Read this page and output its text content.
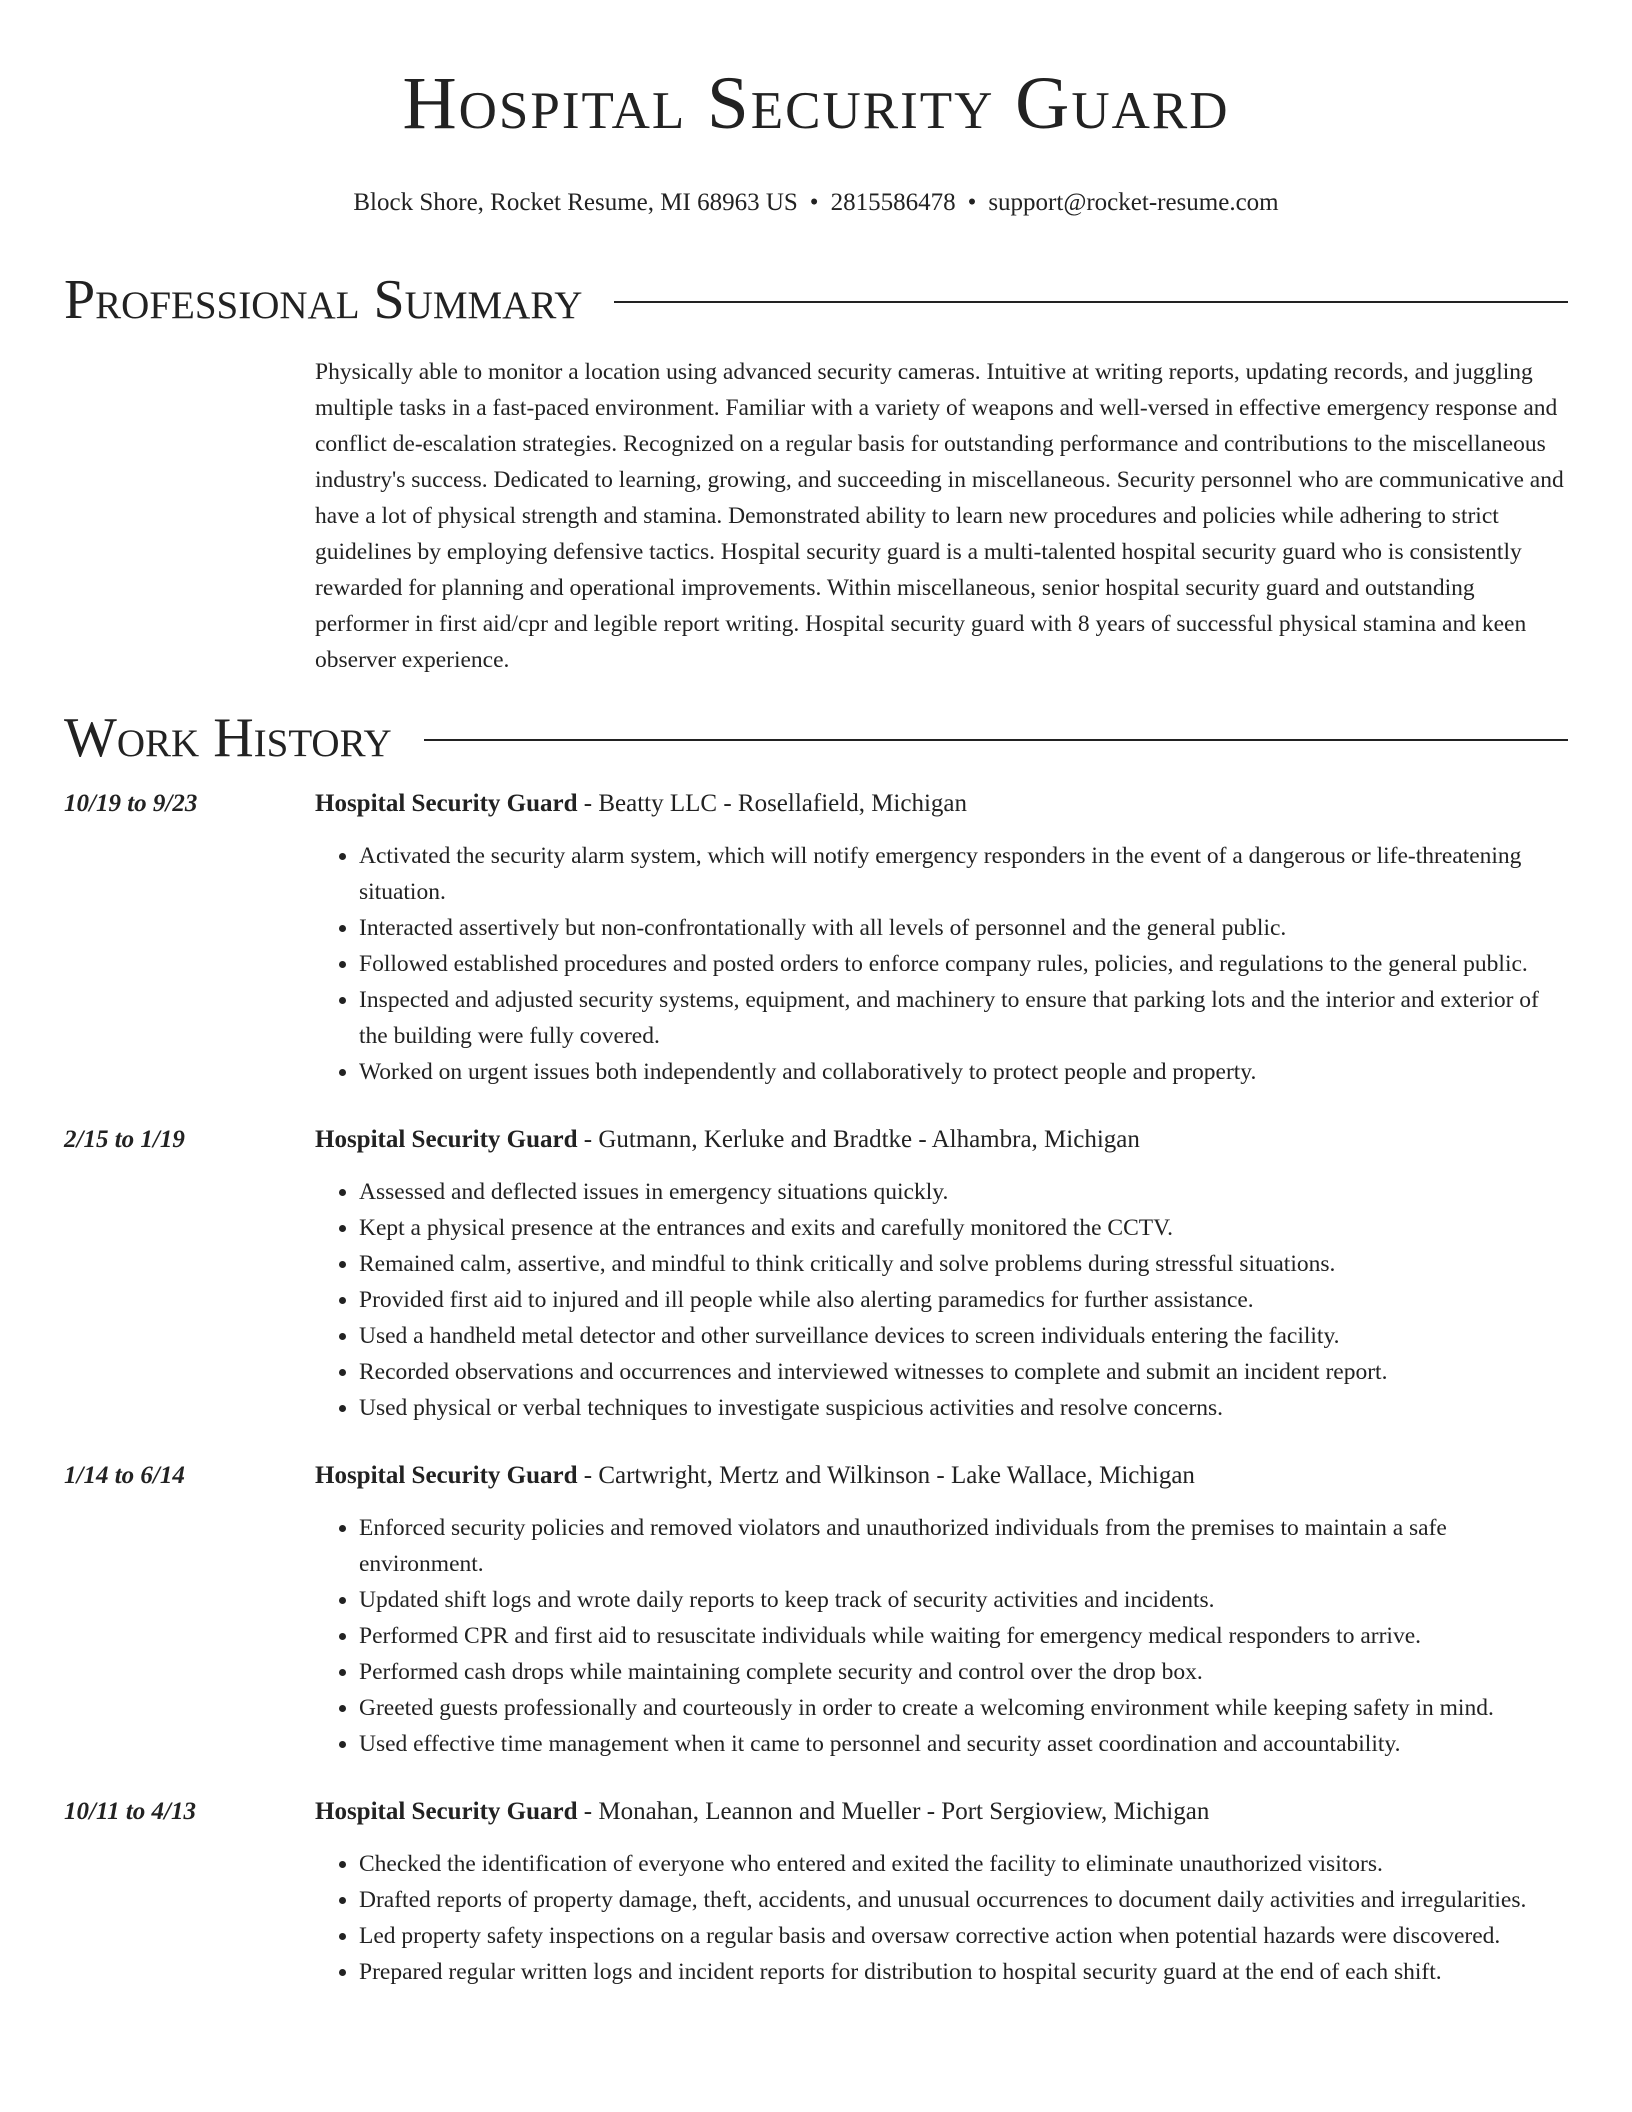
Hospital Security Guard
Block Shore, Rocket Resume, MI 68963 US • 2815586478 • support@rocket-resume.com
Professional Summary
Physically able to monitor a location using advanced security cameras. Intuitive at writing reports, updating records, and juggling multiple tasks in a fast-paced environment. Familiar with a variety of weapons and well-versed in effective emergency response and conflict de-escalation strategies. Recognized on a regular basis for outstanding performance and contributions to the miscellaneous industry's success. Dedicated to learning, growing, and succeeding in miscellaneous. Security personnel who are communicative and have a lot of physical strength and stamina. Demonstrated ability to learn new procedures and policies while adhering to strict guidelines by employing defensive tactics. Hospital security guard is a multi-talented hospital security guard who is consistently rewarded for planning and operational improvements. Within miscellaneous, senior hospital security guard and outstanding performer in first aid/cpr and legible report writing. Hospital security guard with 8 years of successful physical stamina and keen observer experience.
Work History
10/19 to 9/23	Hospital Security Guard - Beatty LLC - Rosellafield, Michigan
• Activated the security alarm system, which will notify emergency responders in the event of a dangerous or life-threatening situation.
• Interacted assertively but non-confrontationally with all levels of personnel and the general public.
• Followed established procedures and posted orders to enforce company rules, policies, and regulations to the general public.
• Inspected and adjusted security systems, equipment, and machinery to ensure that parking lots and the interior and exterior of the building were fully covered.
• Worked on urgent issues both independently and collaboratively to protect people and property.
2/15 to 1/19	Hospital Security Guard - Gutmann, Kerluke and Bradtke - Alhambra, Michigan
• Assessed and deflected issues in emergency situations quickly.
• Kept a physical presence at the entrances and exits and carefully monitored the CCTV.
• Remained calm, assertive, and mindful to think critically and solve problems during stressful situations.
• Provided first aid to injured and ill people while also alerting paramedics for further assistance.
• Used a handheld metal detector and other surveillance devices to screen individuals entering the facility.
• Recorded observations and occurrences and interviewed witnesses to complete and submit an incident report.
• Used physical or verbal techniques to investigate suspicious activities and resolve concerns.
1/14 to 6/14	Hospital Security Guard - Cartwright, Mertz and Wilkinson - Lake Wallace, Michigan
• Enforced security policies and removed violators and unauthorized individuals from the premises to maintain a safe environment.
• Updated shift logs and wrote daily reports to keep track of security activities and incidents.
• Performed CPR and first aid to resuscitate individuals while waiting for emergency medical responders to arrive.
• Performed cash drops while maintaining complete security and control over the drop box.
• Greeted guests professionally and courteously in order to create a welcoming environment while keeping safety in mind.
• Used effective time management when it came to personnel and security asset coordination and accountability.
10/11 to 4/13	Hospital Security Guard - Monahan, Leannon and Mueller - Port Sergioview, Michigan
• Checked the identification of everyone who entered and exited the facility to eliminate unauthorized visitors.
• Drafted reports of property damage, theft, accidents, and unusual occurrences to document daily activities and irregularities.
• Led property safety inspections on a regular basis and oversaw corrective action when potential hazards were discovered.
• Prepared regular written logs and incident reports for distribution to hospital security guard at the end of each shift.
